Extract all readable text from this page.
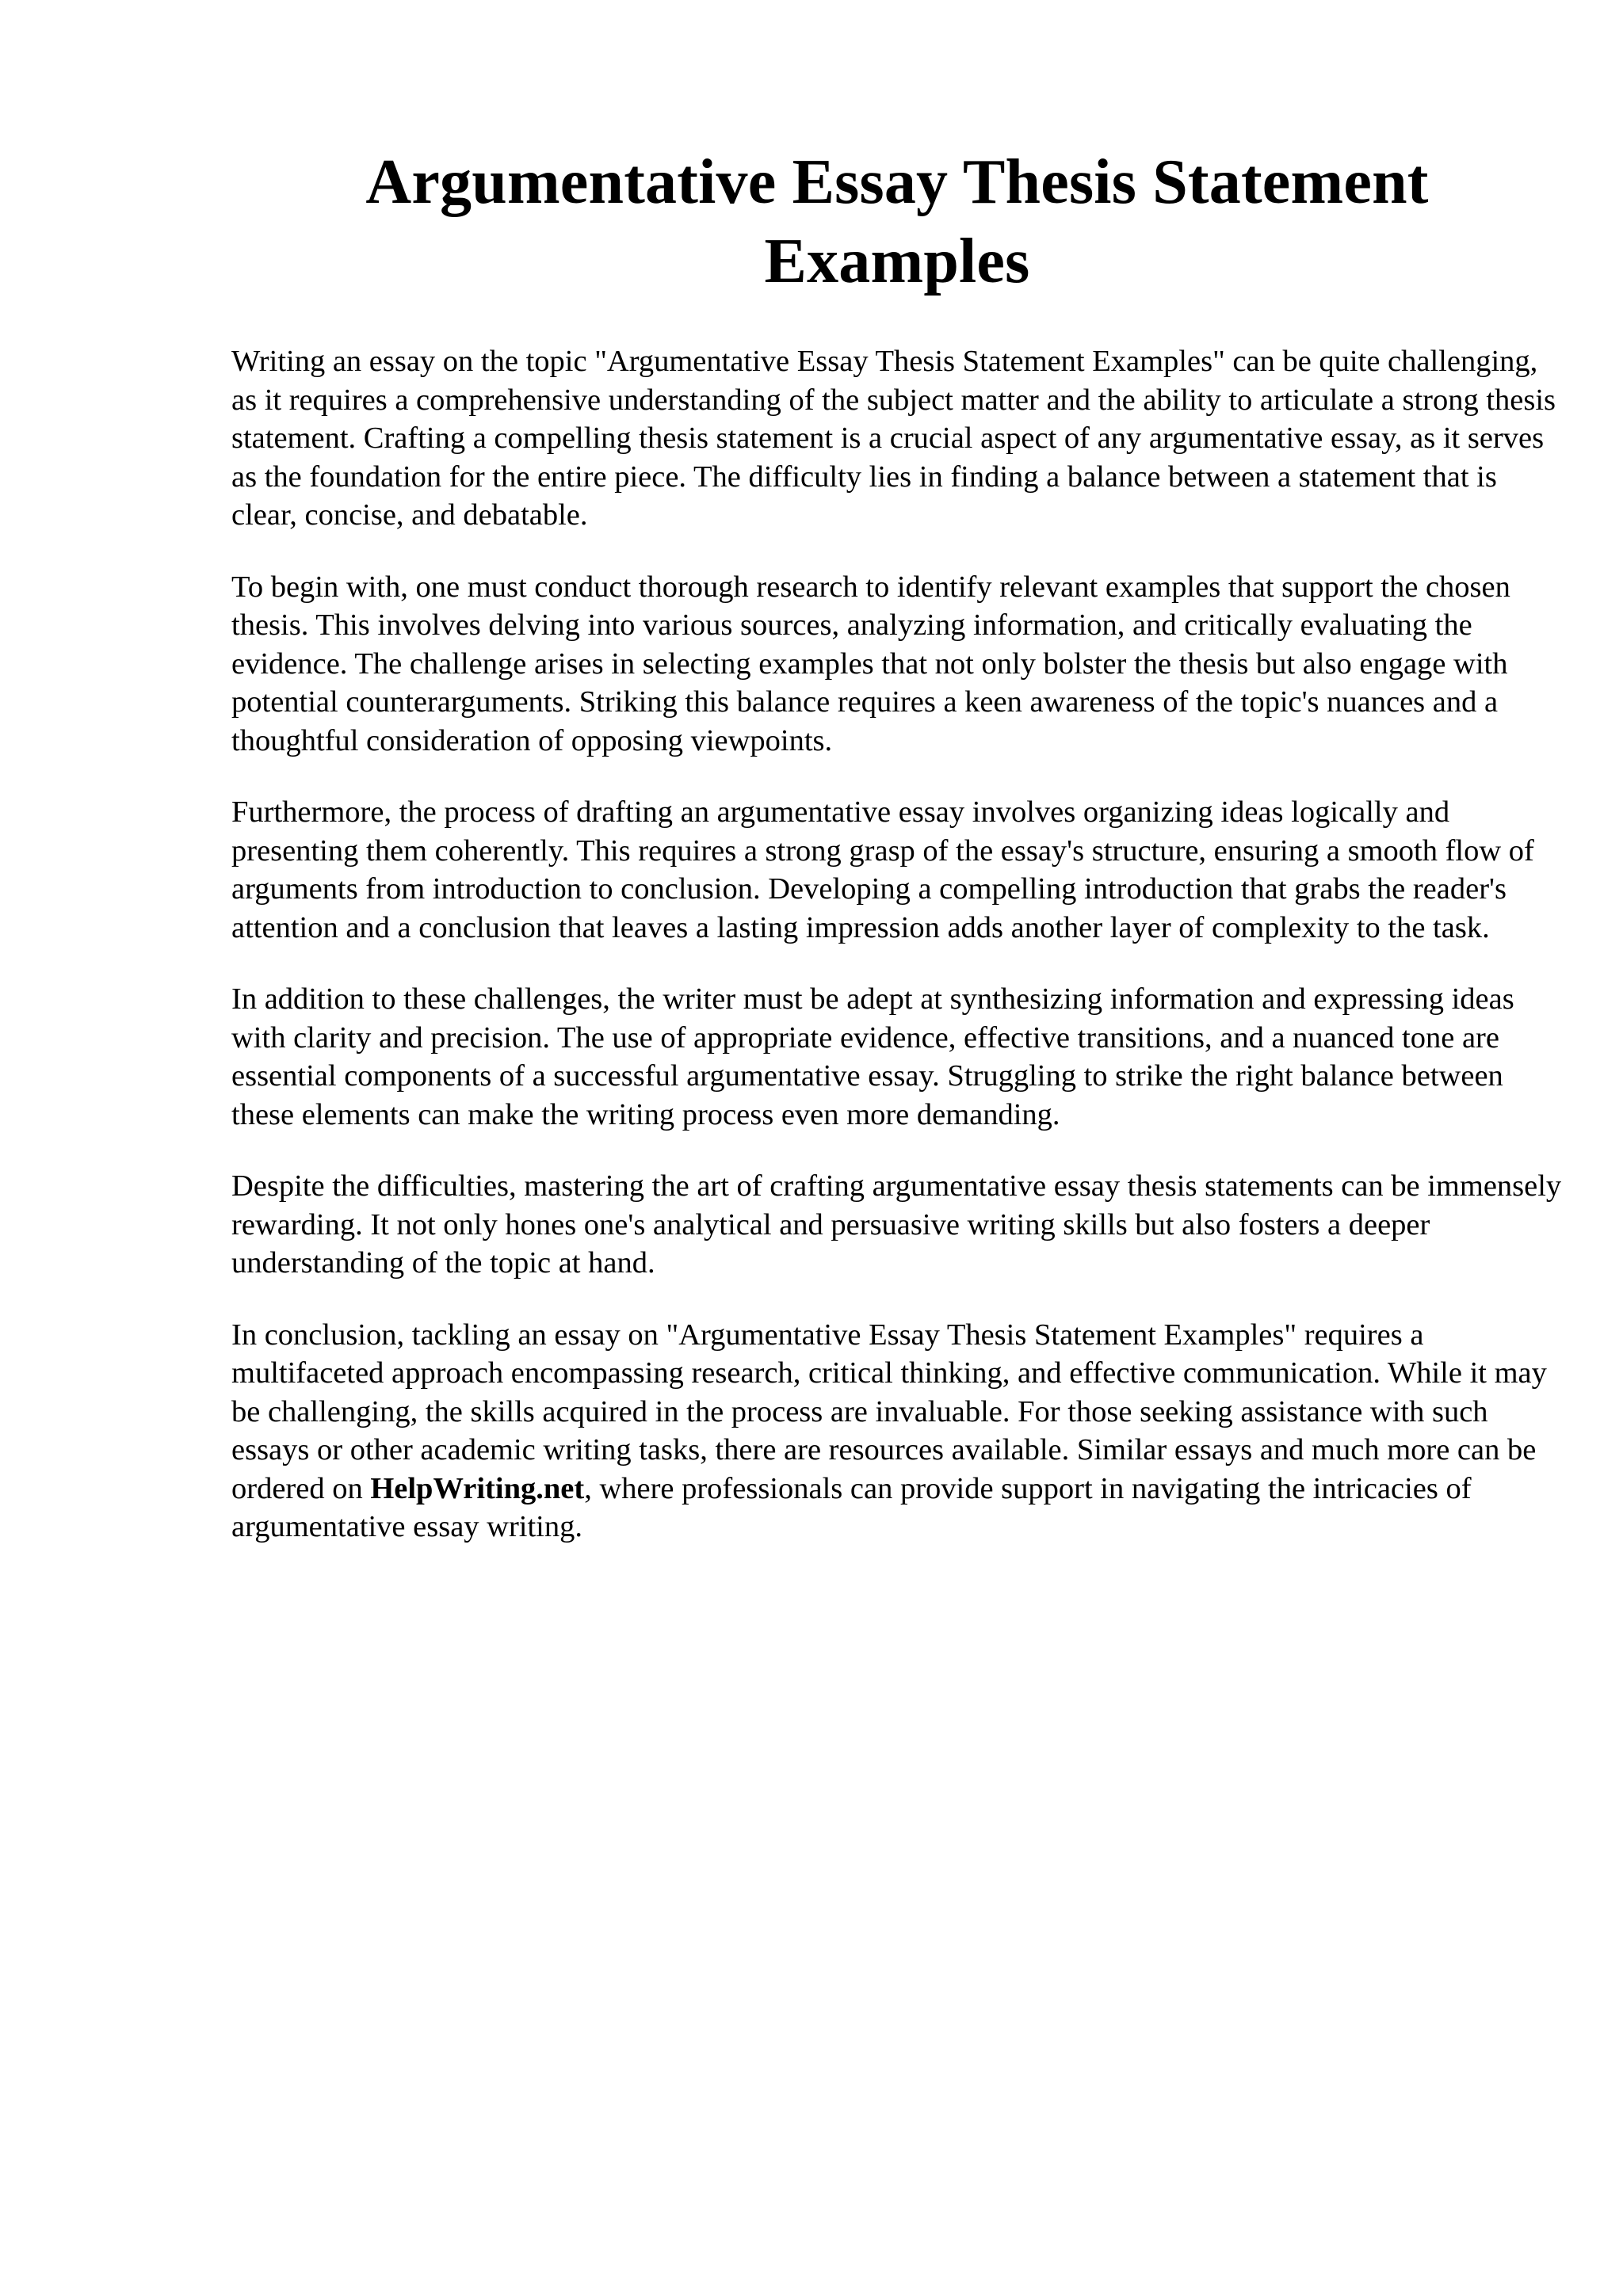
Argumentative Essay Thesis Statement Examples

Writing an essay on the topic "Argumentative Essay Thesis Statement Examples" can be quite challenging, as it requires a comprehensive understanding of the subject matter and the ability to articulate a strong thesis statement. Crafting a compelling thesis statement is a crucial aspect of any argumentative essay, as it serves as the foundation for the entire piece. The difficulty lies in finding a balance between a statement that is clear, concise, and debatable.

To begin with, one must conduct thorough research to identify relevant examples that support the chosen thesis. This involves delving into various sources, analyzing information, and critically evaluating the evidence. The challenge arises in selecting examples that not only bolster the thesis but also engage with potential counterarguments. Striking this balance requires a keen awareness of the topic's nuances and a thoughtful consideration of opposing viewpoints.

Furthermore, the process of drafting an argumentative essay involves organizing ideas logically and presenting them coherently. This requires a strong grasp of the essay's structure, ensuring a smooth flow of arguments from introduction to conclusion. Developing a compelling introduction that grabs the reader's attention and a conclusion that leaves a lasting impression adds another layer of complexity to the task.

In addition to these challenges, the writer must be adept at synthesizing information and expressing ideas with clarity and precision. The use of appropriate evidence, effective transitions, and a nuanced tone are essential components of a successful argumentative essay. Struggling to strike the right balance between these elements can make the writing process even more demanding.

Despite the difficulties, mastering the art of crafting argumentative essay thesis statements can be immensely rewarding. It not only hones one's analytical and persuasive writing skills but also fosters a deeper understanding of the topic at hand.

In conclusion, tackling an essay on "Argumentative Essay Thesis Statement Examples" requires a multifaceted approach encompassing research, critical thinking, and effective communication. While it may be challenging, the skills acquired in the process are invaluable. For those seeking assistance with such essays or other academic writing tasks, there are resources available. Similar essays and much more can be ordered on HelpWriting.net, where professionals can provide support in navigating the intricacies of argumentative essay writing.
